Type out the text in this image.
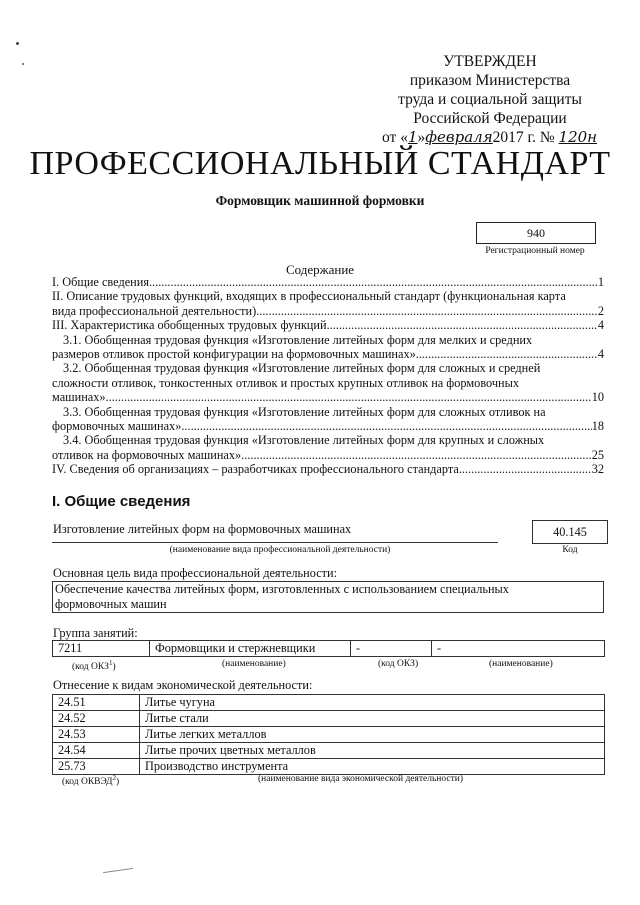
УТВЕРЖДЕН
приказом Министерства
труда и социальной защиты
Российской Федерации
от «1»февраля2017 г. № 120н
ПРОФЕССИОНАЛЬНЫЙ СТАНДАРТ
Формовщик машинной формовки
940
Регистрационный номер
Содержание
I. Общие сведения .....	1
II. Описание трудовых функций, входящих в профессиональный стандарт (функциональная карта
вида профессиональной деятельности) .....	2
III. Характеристика обобщенных трудовых функций .....	4
3.1. Обобщенная трудовая функция «Изготовление литейных форм для мелких и средних
размеров отливок простой конфигурации на формовочных машинах» .....	4
3.2. Обобщенная трудовая функция «Изготовление литейных форм для сложных и средней
сложности отливок, тонкостенных отливок и простых крупных отливок на формовочных
машинах» .....	10
3.3. Обобщенная трудовая функция «Изготовление литейных форм для сложных отливок на
формовочных машинах» .....	18
3.4. Обобщенная трудовая функция «Изготовление литейных форм для крупных и сложных
отливок на формовочных машинах» .....	25
IV. Сведения об организациях – разработчиках профессионального стандарта .....	32
I. Общие сведения
Изготовление литейных форм на формовочных машинах
(наименование вида профессиональной деятельности)
40.145
Код
Основная цель вида профессиональной деятельности:
Обеспечение качества литейных форм, изготовленных с использованием специальных
формовочных машин
Группа занятий:
7211	Формовщики и стержневщики	-	-
(код ОКЗ$^1$)	(наименование)	(код ОКЗ)	(наименование)
Отнесение к видам экономической деятельности:
24.51	Литье чугуна
24.52	Литье стали
24.53	Литье легких металлов
24.54	Литье прочих цветных металлов
25.73	Производство инструмента
(код ОКВЭД$^2$)	(наименование вида экономической деятельности)
